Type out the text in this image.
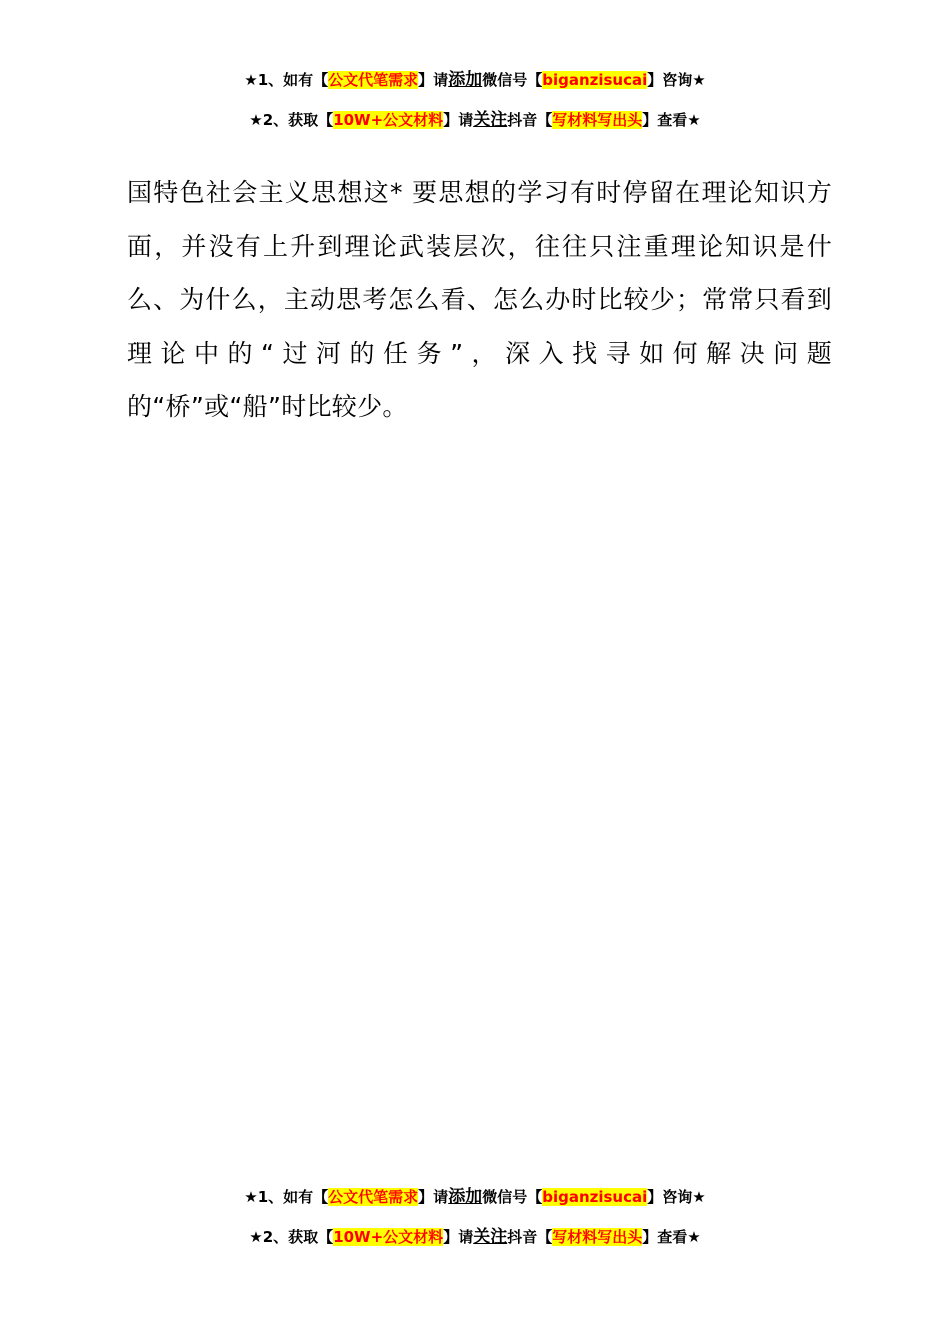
★1、如有【公文代笔需求】请添加微信号【biganzisucai】咨询★

★2、获取【10W+公文材料】请关注抖音【写材料写出头】查看★

国特色社会主义思想这* 要思想的学习有时停留在理论知识方面，并没有上升到理论武装层次，往往只注重理论知识是什么、为什么，主动思考怎么看、怎么办时比较少；常常只看到理论中的“过河的任务”，深入找寻如何解决问题的“桥”或“船”时比较少。

★1、如有【公文代笔需求】请添加微信号【biganzisucai】咨询★

★2、获取【10W+公文材料】请关注抖音【写材料写出头】查看★
